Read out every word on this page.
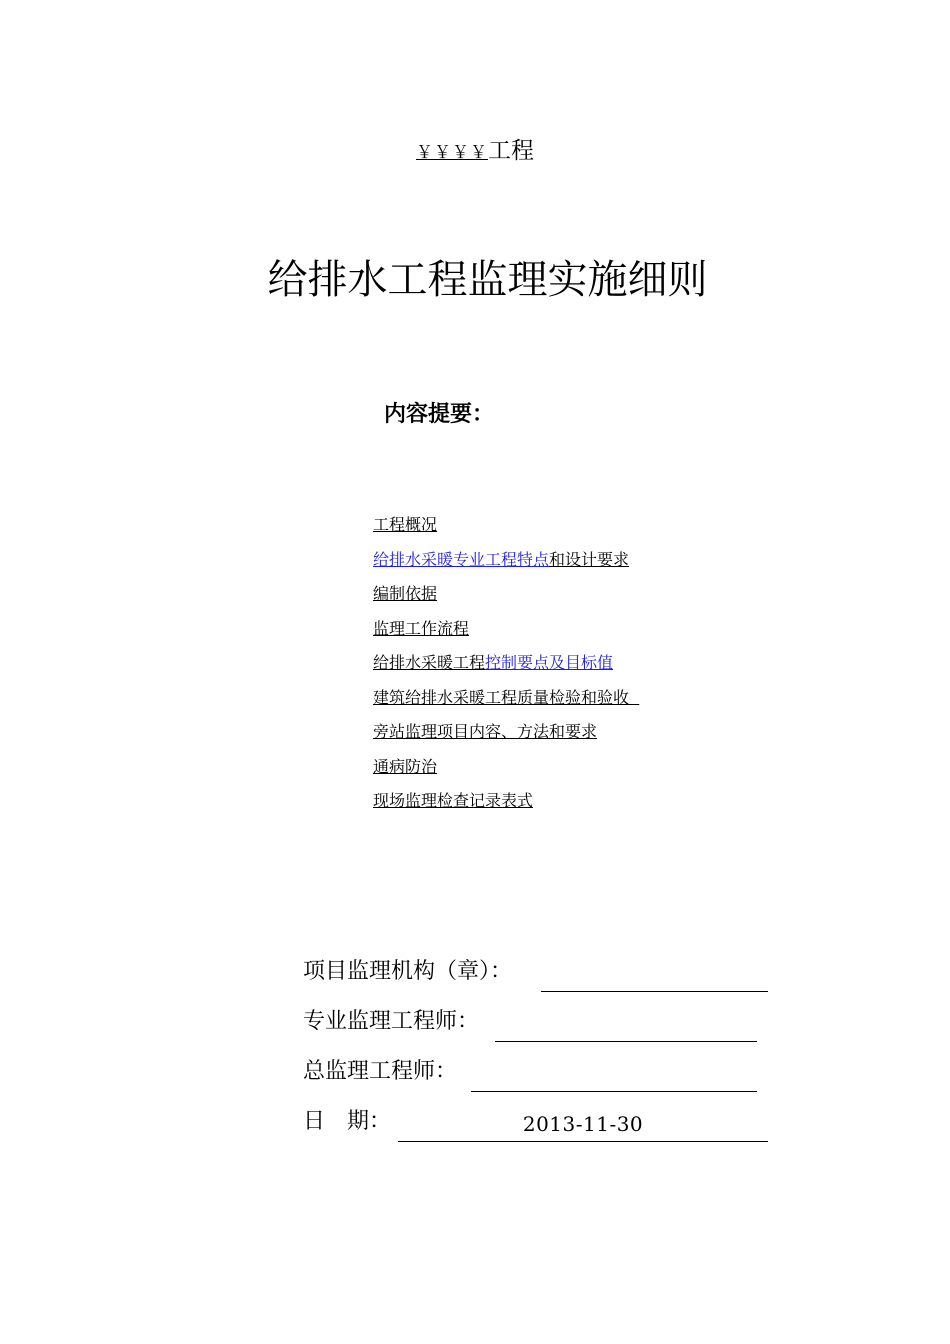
￥￥￥￥工程
给排水工程监理实施细则
内容提要：
工程概况
给排水采暖专业工程特点和设计要求
编制依据
监理工作流程
给排水采暖工程控制要点及目标值
建筑给排水采暖工程质量检验和验收
旁站监理项目内容、方法和要求
通病防治
现场监理检查记录表式
项目监理机构（章）：
专业监理工程师：
总监理工程师：
日　期：	2013-11-30
